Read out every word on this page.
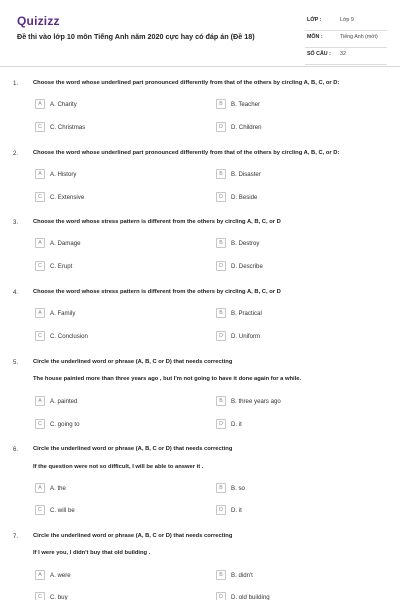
Quizizz
Đề thi vào lớp 10 môn Tiếng Anh năm 2020 cực hay có đáp án (Đề 18)
LỚP :	Lớp 9
MÔN :	Tiếng Anh (mới)
SỐ CÂU : 32
1.	Choose the word whose underlined part pronounced differently from that of the others by circling A, B, C, or D:
A	A. Charity	B	B. Teacher
C	C. Christmas	D	D. Children
2.	Choose the word whose underlined part pronounced differently from that of the others by circling A, B, C, or D:
A	A. History	B	B. Disaster
C	C. Extensive	D	D. Beside
3.	Choose the word whose stress pattern is different from the others by circling A, B, C, or D
A	A. Damage	B	B. Destroy
C	C. Erupt	D	D. Describe
4.	Choose the word whose stress pattern is different from the others by circling A, B, C, or D
A	A. Family	B	B. Practical
C	C. Conclusion	D	D. Uniform
5.	Circle the underlined word or phrase (A, B, C or D) that needs correcting
The house painted more than three years ago , but I'm not going to have it done again for a while.
A	A. painted	B	B. three years ago
C	C. going to	D	D. it
6.	Circle the underlined word or phrase (A, B, C or D) that needs correcting
If the question were not so difficult, I will be able to answer it .
A	A. the	B	B. so
C	C. will be	D	D. it
7.	Circle the underlined word or phrase (A, B, C or D) that needs correcting
If I were you, I didn't buy that old building .
A	A. were	B	B. didn't
C	C. buy	D	D. old building
